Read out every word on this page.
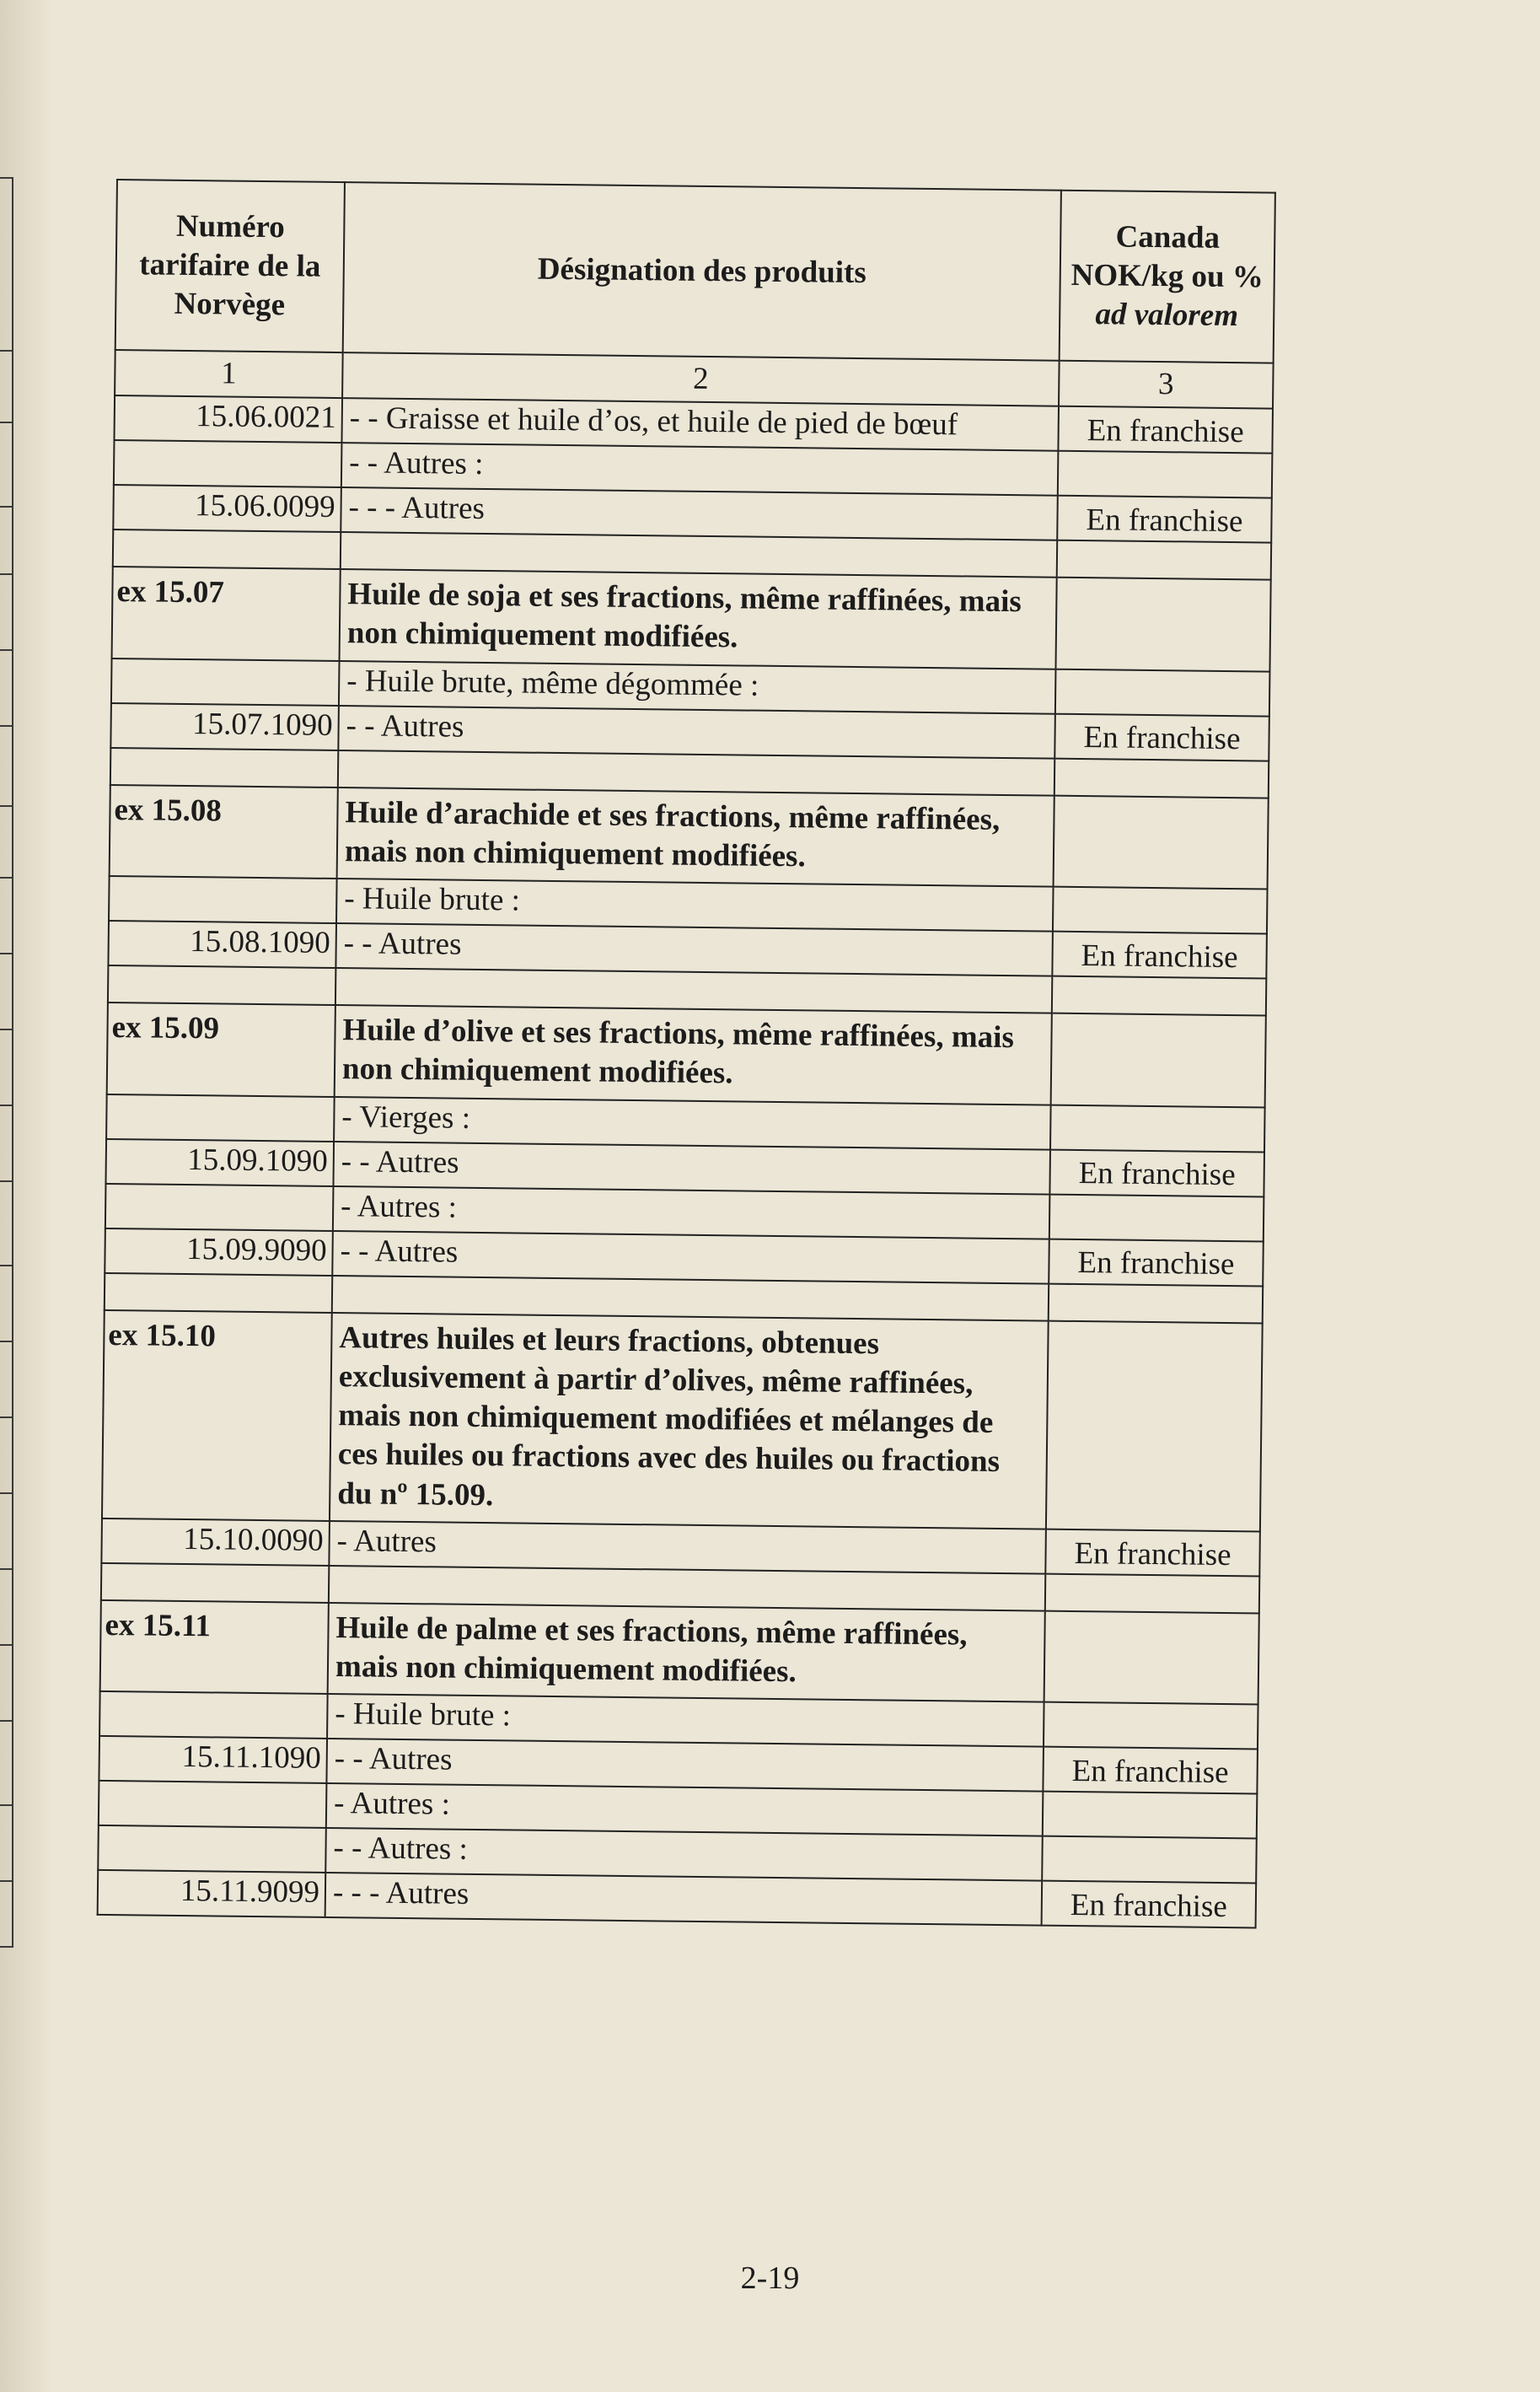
Numéro tarifaire de la Norvège	Désignation des produits	Canada NOK/kg ou %
ad valorem
1	2	3
15.06.0021	- - Graisse et huile d’os, et huile de pied de bœuf	En franchise
	- - Autres :	
15.06.0099	- - - Autres	En franchise

ex 15.07	Huile de soja et ses fractions, même raffinées, mais non chimiquement modifiées.	
	- Huile brute, même dégommée :	
15.07.1090	- - Autres	En franchise

ex 15.08	Huile d’arachide et ses fractions, même raffinées, mais non chimiquement modifiées.	
	- Huile brute :	
15.08.1090	- - Autres	En franchise

ex 15.09	Huile d’olive et ses fractions, même raffinées, mais non chimiquement modifiées.	
	- Vierges :	
15.09.1090	- - Autres	En franchise
	- Autres :	
15.09.9090	- - Autres	En franchise

ex 15.10	Autres huiles et leurs fractions, obtenues exclusivement à partir d’olives, même raffinées, mais non chimiquement modifiées et mélanges de ces huiles ou fractions avec des huiles ou fractions du nº 15.09.	
15.10.0090	- Autres	En franchise

ex 15.11	Huile de palme et ses fractions, même raffinées, mais non chimiquement modifiées.	
	- Huile brute :	
15.11.1090	- - Autres	En franchise
	- Autres :	
	- - Autres :	
15.11.9099	- - - Autres	En franchise
2-19
